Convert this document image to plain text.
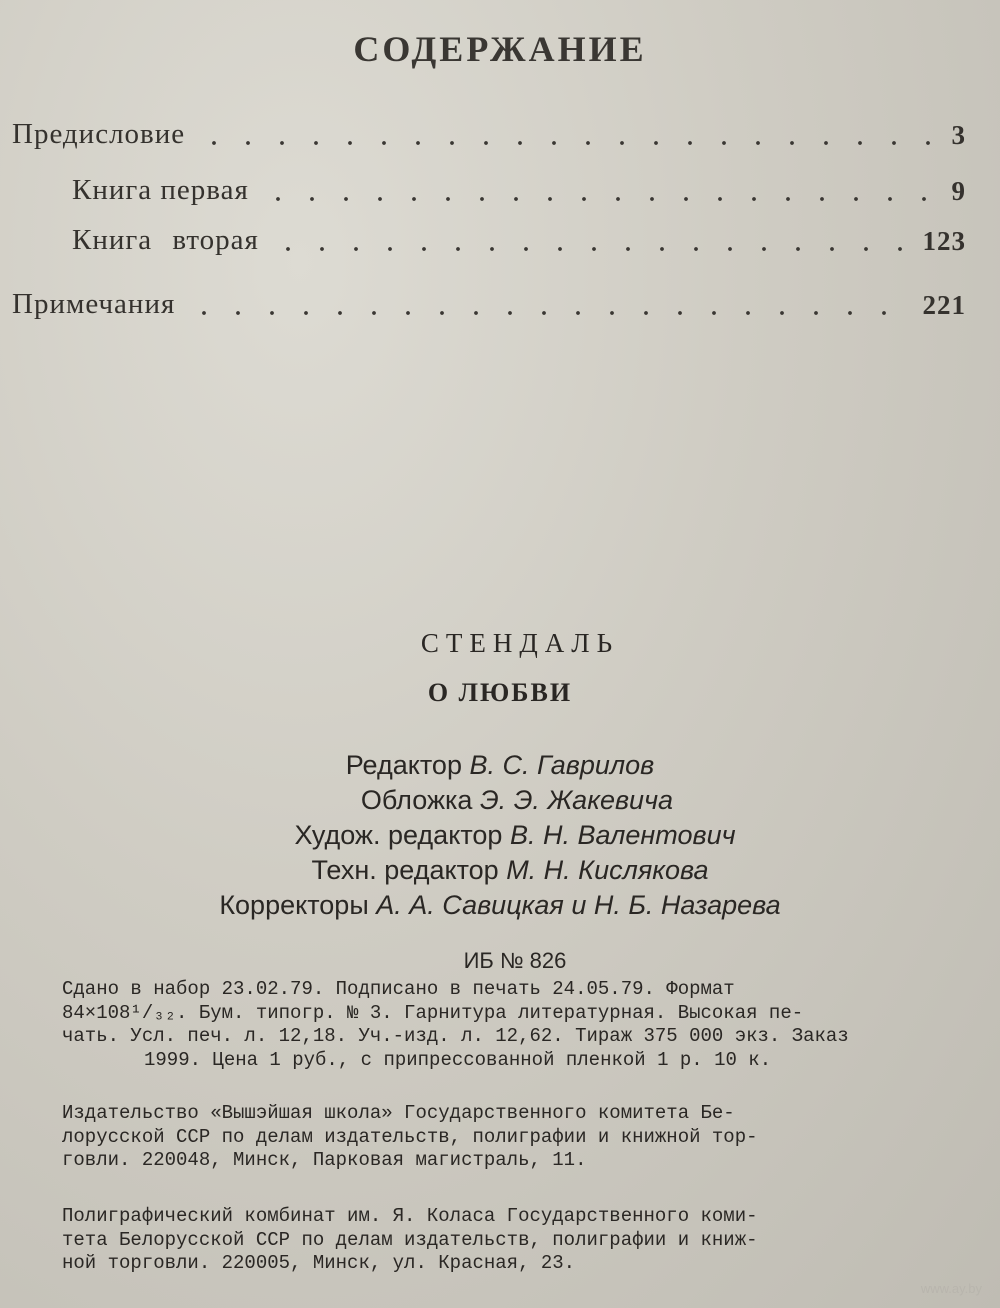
СОДЕРЖАНИЕ
Предисловие	3
Книга первая	9
Книга вторая	123
Примечания	221
СТЕНДАЛЬ
О ЛЮБВИ
Редактор В. С. Гаврилов
Обложка Э. Э. Жакевича
Худож. редактор В. Н. Валентович
Техн. редактор М. Н. Кислякова
Корректоры А. А. Савицкая и Н. Б. Назарева
ИБ № 826
Сдано в набор 23.02.79. Подписано в печать 24.05.79. Формат
84×108¹/₃₂. Бум. типогр. № 3. Гарнитура литературная. Высокая пе-
чать. Усл. печ. л. 12,18. Уч.-изд. л. 12,62. Тираж 375 000 экз. Заказ
1999. Цена 1 руб., с припрессованной пленкой 1 р. 10 к.
Издательство «Вышэйшая школа» Государственного комитета Бе-
лорусской ССР по делам издательств, полиграфии и книжной тор-
говли. 220048, Минск, Парковая магистраль, 11.
Полиграфический комбинат им. Я. Коласа Государственного коми-
тета Белорусской ССР по делам издательств, полиграфии и книж-
ной торговли. 220005, Минск, ул. Красная, 23.
www.ay.by
